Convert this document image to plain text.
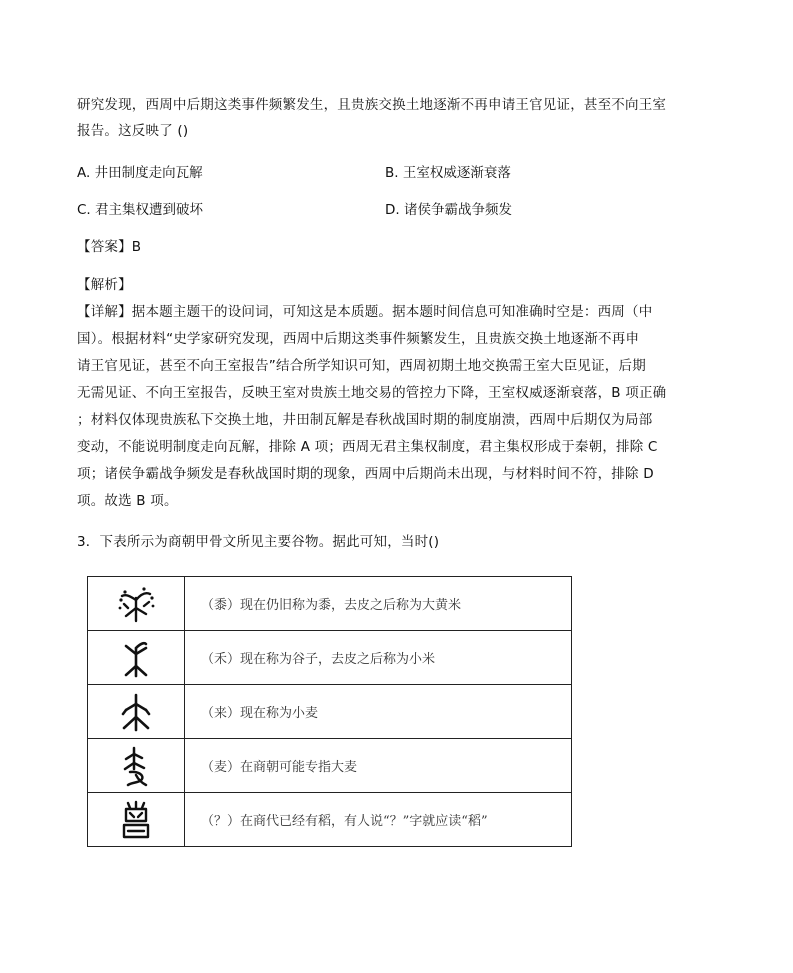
研究发现，西周中后期这类事件频繁发生，且贵族交换土地逐渐不再申请王官见证，甚至不向王室
报告。这反映了 ()
A. 井田制度走向瓦解	B. 王室权威逐渐衰落
C. 君主集权遭到破坏	D. 诸侯争霸战争频发
【答案】B
【解析】
【详解】据本题主题干的设问词，可知这是本质题。据本题时间信息可知准确时空是：西周（中
国）。根据材料“史学家研究发现，西周中后期这类事件频繁发生，且贵族交换土地逐渐不再申
请王官见证，甚至不向王室报告”结合所学知识可知，西周初期土地交换需王室大臣见证，后期
无需见证、不向王室报告，反映王室对贵族土地交易的管控力下降，王室权威逐渐衰落，B 项正确
；材料仅体现贵族私下交换土地，井田制瓦解是春秋战国时期的制度崩溃，西周中后期仅为局部
变动，不能说明制度走向瓦解，排除 A 项；西周无君主集权制度，君主集权形成于秦朝，排除 C
项；诸侯争霸战争频发是春秋战国时期的现象，西周中后期尚未出现，与材料时间不符，排除 D
项。故选 B 项。
3．下表所示为商朝甲骨文所见主要谷物。据此可知，当时()
	（黍）现在仍旧称为黍，去皮之后称为大黄米

	（禾）现在称为谷子，去皮之后称为小米

	（来）现在称为小麦

	（麦）在商朝可能专指大麦

	（？）在商代已经有稻，有人说“？”字就应读“稻”
